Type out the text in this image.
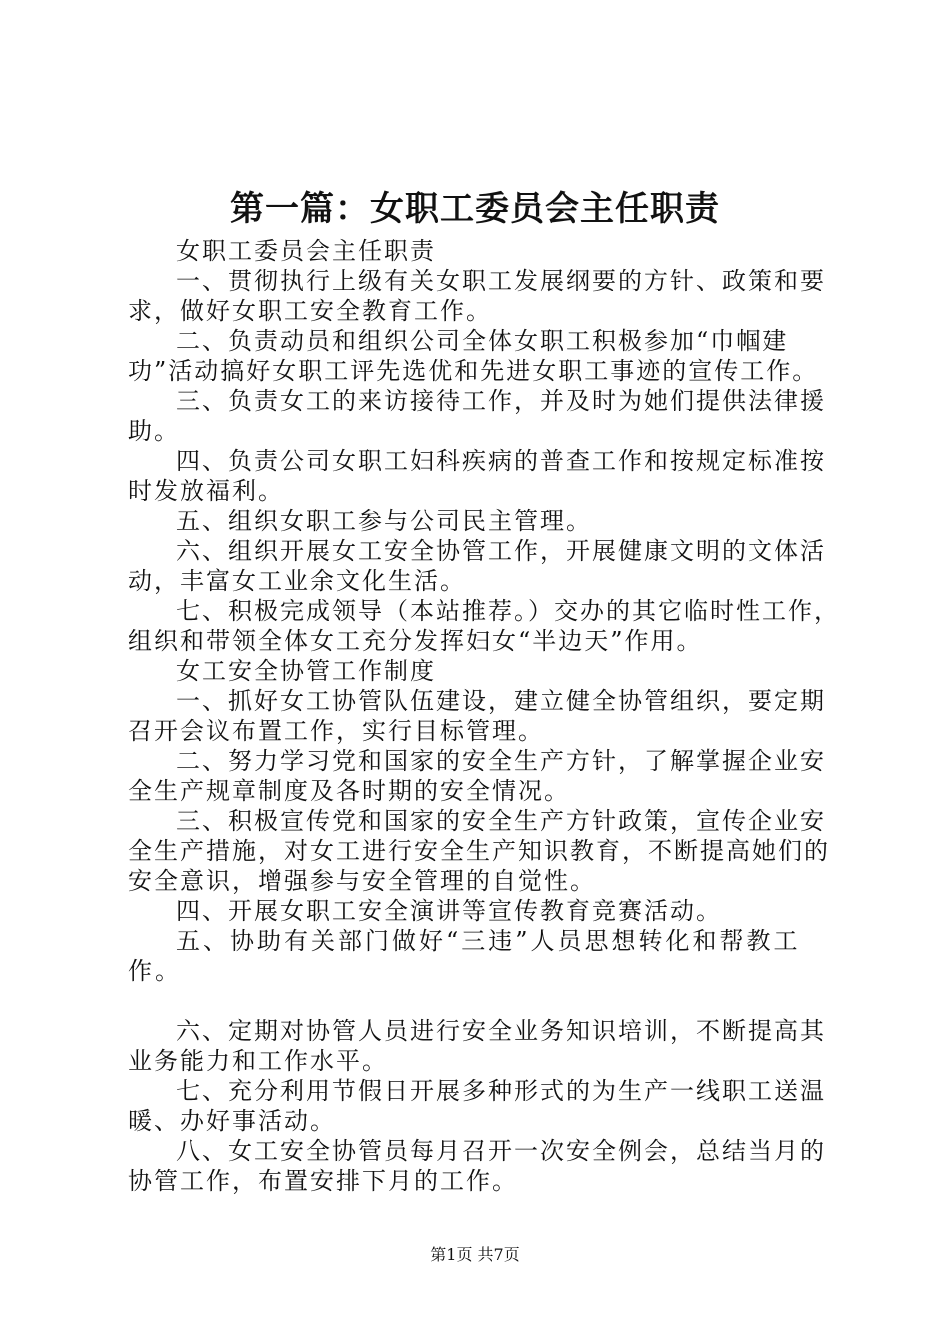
第一篇：女职工委员会主任职责

女职工委员会主任职责

一、贯彻执行上级有关女职工发展纲要的方针、政策和要求，做好女职工安全教育工作。

二、负责动员和组织公司全体女职工积极参加“巾帼建功”活动搞好女职工评先选优和先进女职工事迹的宣传工作。

三、负责女工的来访接待工作，并及时为她们提供法律援助。

四、负责公司女职工妇科疾病的普查工作和按规定标准按时发放福利。

五、组织女职工参与公司民主管理。

六、组织开展女工安全协管工作，开展健康文明的文体活动，丰富女工业余文化生活。

七、积极完成领导（本站推荐。）交办的其它临时性工作，组织和带领全体女工充分发挥妇女“半边天”作用。

女工安全协管工作制度

一、抓好女工协管队伍建设，建立健全协管组织，要定期召开会议布置工作，实行目标管理。

二、努力学习党和国家的安全生产方针，了解掌握企业安全生产规章制度及各时期的安全情况。

三、积极宣传党和国家的安全生产方针政策，宣传企业安全生产措施，对女工进行安全生产知识教育，不断提高她们的安全意识，增强参与安全管理的自觉性。

四、开展女职工安全演讲等宣传教育竞赛活动。

五、协助有关部门做好“三违”人员思想转化和帮教工作。

六、定期对协管人员进行安全业务知识培训，不断提高其业务能力和工作水平。

七、充分利用节假日开展多种形式的为生产一线职工送温暖、办好事活动。

八、女工安全协管员每月召开一次安全例会，总结当月的协管工作，布置安排下月的工作。

第1页 共7页
